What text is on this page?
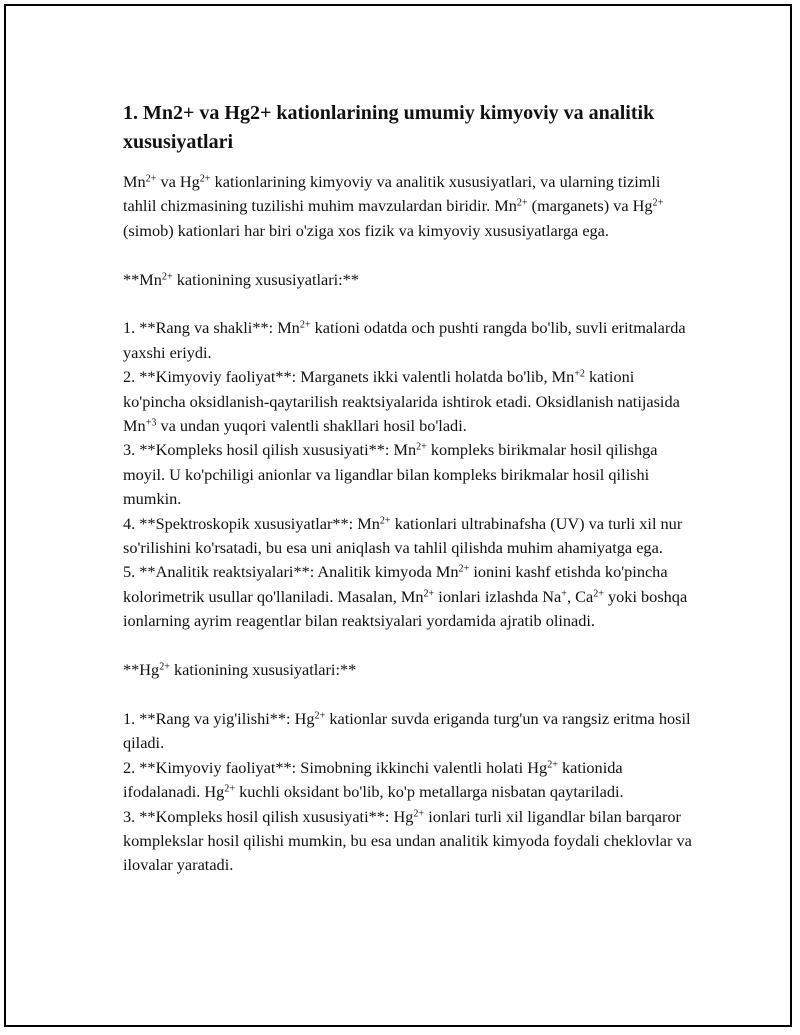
1. Mn2+ va Hg2+ kationlarining umumiy kimyoviy va analitik xususiyatlari

$Mn^{2+}$ va $Hg^{2+}$ kationlarining kimyoviy va analitik xususiyatlari, va ularning tizimli tahlil chizmasining tuzilishi muhim mavzulardan biridir. $Mn^{2+}$ (marganets) va $Hg^{2+}$ (simob) kationlari har biri o'ziga xos fizik va kimyoviy xususiyatlarga ega.

$**Mn^{2+}$ kationining xususiyatlari:**

1. **Rang va shakli**: $Mn^{2+}$ kationi odatda och pushti rangda bo'lib, suvli eritmalarda yaxshi eriydi.

2. **Kimyoviy faoliyat**: Marganets ikki valentli holatda bo'lib, $Mn^{+2}$ kationi ko'pincha oksidlanish-qaytarilish reaktsiyalarida ishtirok etadi. Oksidlanish natijasida $Mn^{+3}$ va undan yuqori valentli shakllari hosil bo'ladi.

3. **Kompleks hosil qilish xususiyati**: $Mn^{2+}$ kompleks birikmalar hosil qilishga moyil. U ko'pchiligi anionlar va ligandlar bilan kompleks birikmalar hosil qilishi mumkin.

4. **Spektroskopik xususiyatlar**: $Mn^{2+}$ kationlari ultrabinafsha (UV) va turli xil nur so'rilishini ko'rsatadi, bu esa uni aniqlash va tahlil qilishda muhim ahamiyatga ega.

5. **Analitik reaktsiyalari**: Analitik kimyoda $Mn^{2+}$ ionini kashf etishda ko'pincha kolorimetrik usullar qo'llaniladi. Masalan, $Mn^{2+}$ ionlari izlashda Na+, $Ca^{2+}$ yoki boshqa ionlarning ayrim reagentlar bilan reaktsiyalari yordamida ajratib olinadi.

$**Hg^{2+}$ kationining xususiyatlari:**

1. **Rang va yig'ilishi**: $Hg^{2+}$ kationlar suvda eriganda turg'un va rangsiz eritma hosil qiladi.

2. **Kimyoviy faoliyat**: Simobning ikkinchi valentli holati $Hg^{2+}$ kationida ifodalanadi. $Hg^{2+}$ kuchli oksidant bo'lib, ko'p metallarga nisbatan qaytariladi.

3. **Kompleks hosil qilish xususiyati**: $Hg^{2+}$ ionlari turli xil ligandlar bilan barqaror komplekslar hosil qilishi mumkin, bu esa undan analitik kimyoda foydali cheklovlar va ilovalar yaratadi.
